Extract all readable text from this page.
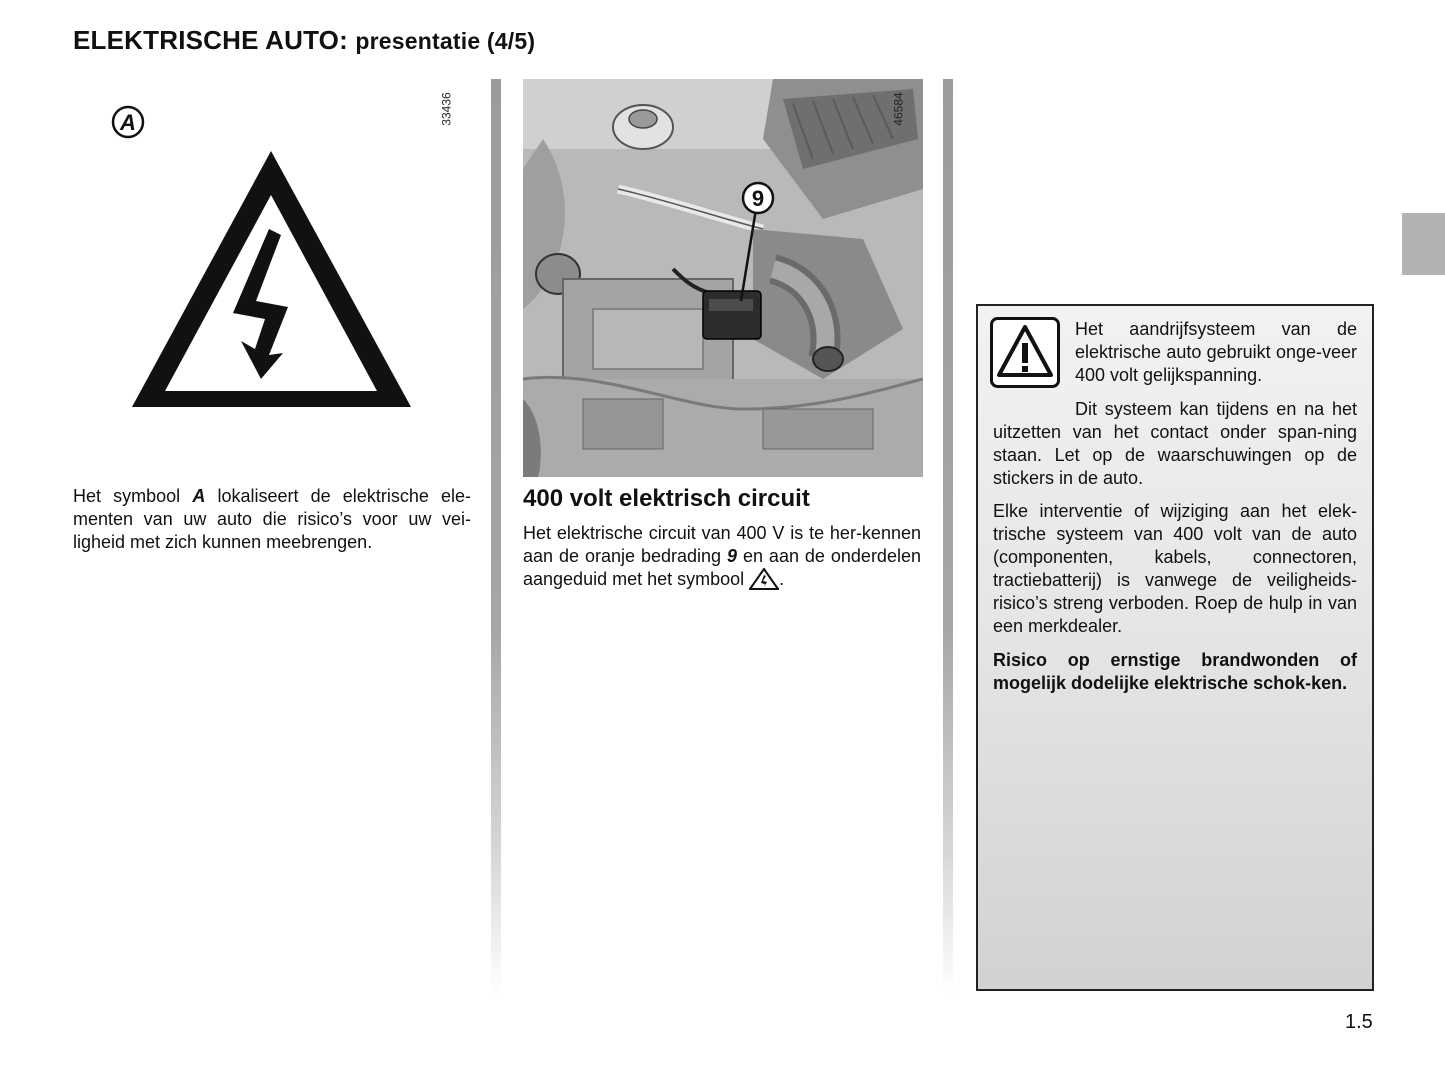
ELEKTRISCHE AUTO: presentatie (4/5)
A	33436

Het symbool A lokaliseert de elektrische ele-menten van uw auto die risico’s voor uw vei-ligheid met zich kunnen meebrengen.

9
46584
400 volt elektrisch circuit

Het elektrische circuit van 400 V is te her-kennen aan de oranje bedrading 9 en aan de onderdelen aangeduid met het symbool .

Het aandrijfsysteem van de elektrische auto gebruikt onge-veer 400 volt gelijkspanning.

Dit systeem kan tijdens en na het uitzetten van het contact onder span-ning staan. Let op de waarschuwingen op de stickers in de auto.

Elke interventie of wijziging aan het elek-trische systeem van 400 volt van de auto (componenten, kabels, connectoren, tractiebatterij) is vanwege de veiligheids-risico’s streng verboden. Roep de hulp in van een merkdealer.

Risico op ernstige brandwonden of mogelijk dodelijke elektrische schok-ken.

1.5
